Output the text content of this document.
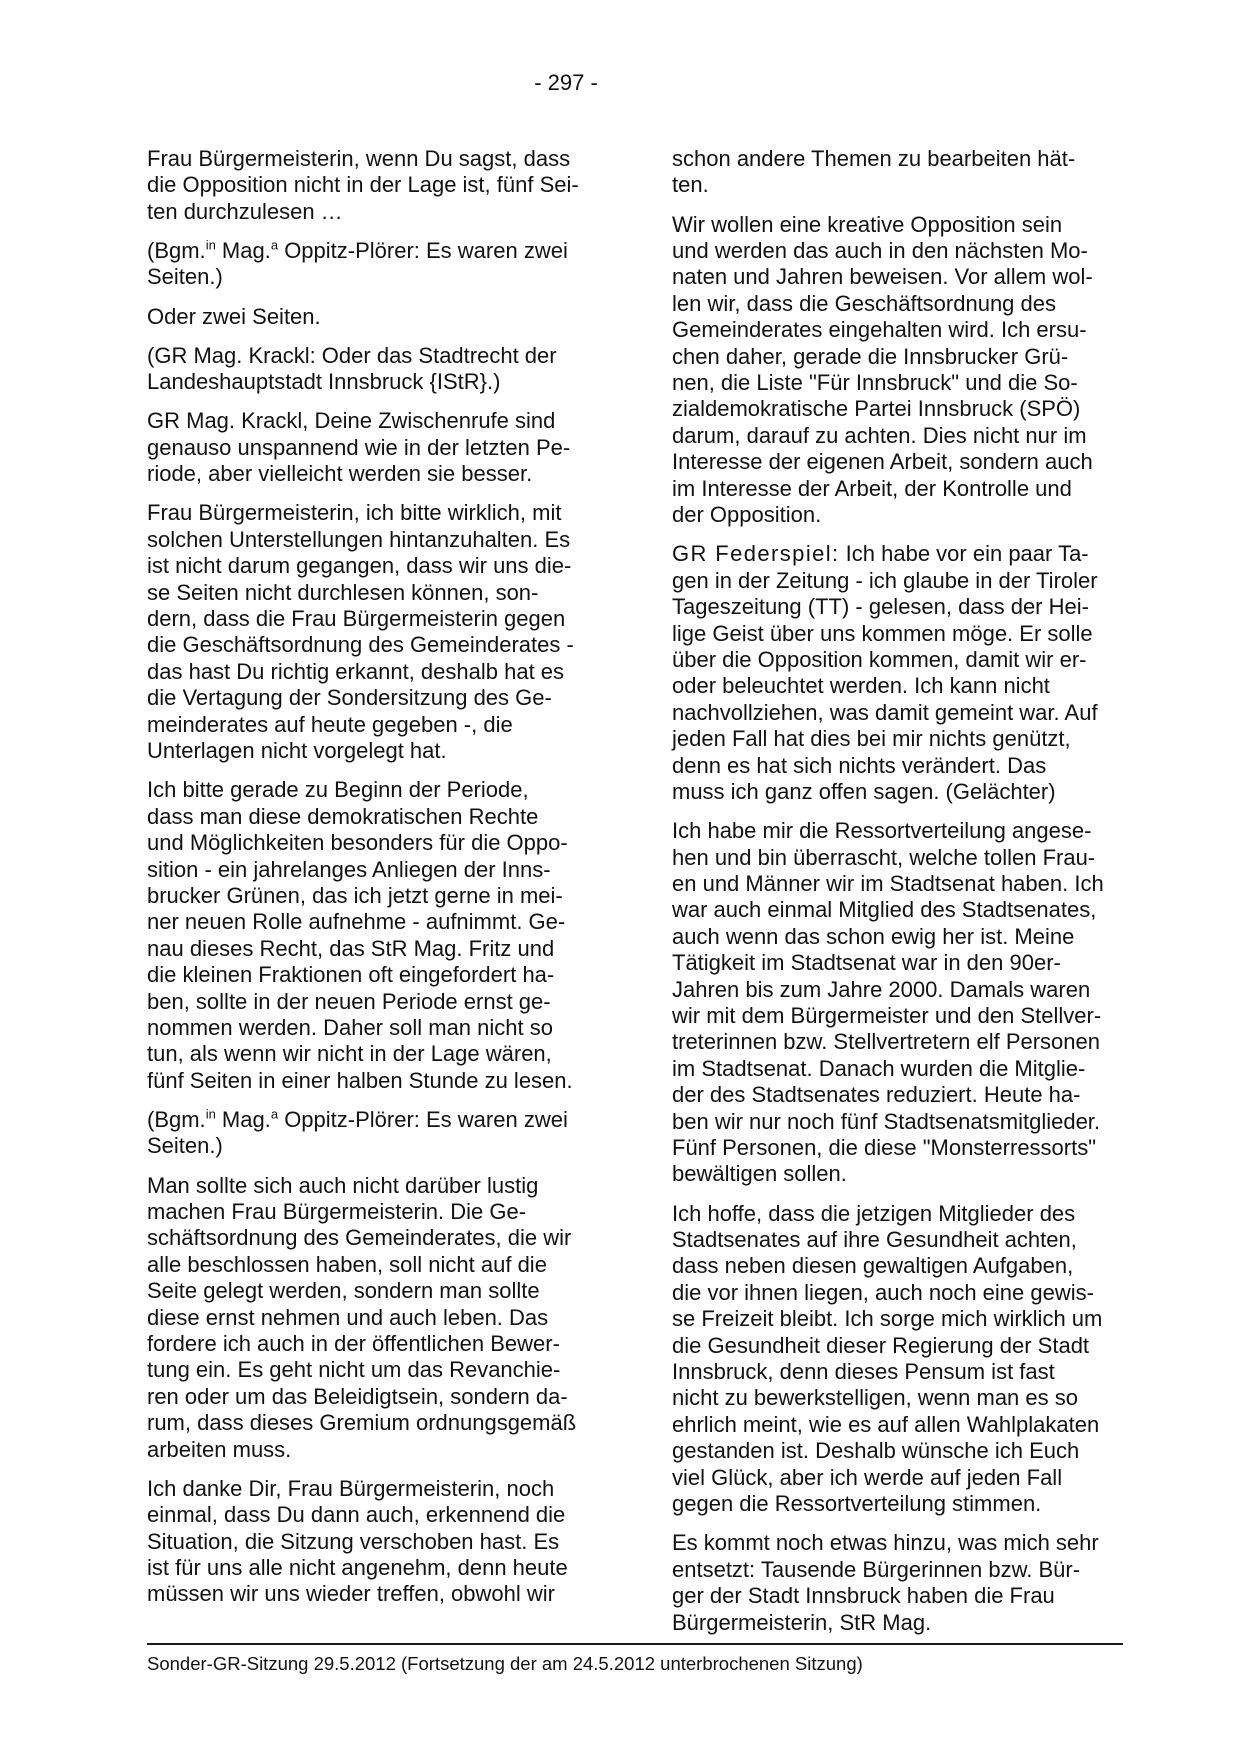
- 297 -
Frau Bürgermeisterin, wenn Du sagst, dass
die Opposition nicht in der Lage ist, fünf Sei-
ten durchzulesen …
(Bgm.$^{in}$ Mag.$^a$ Oppitz-Plörer: Es waren zwei
Seiten.)
Oder zwei Seiten.
(GR Mag. Krackl: Oder das Stadtrecht der
Landeshauptstadt Innsbruck {IStR}.)
GR Mag. Krackl, Deine Zwischenrufe sind
genauso unspannend wie in der letzten Pe-
riode, aber vielleicht werden sie besser.
Frau Bürgermeisterin, ich bitte wirklich, mit
solchen Unterstellungen hintanzuhalten. Es
ist nicht darum gegangen, dass wir uns die-
se Seiten nicht durchlesen können, son-
dern, dass die Frau Bürgermeisterin gegen
die Geschäftsordnung des Gemeinderates -
das hast Du richtig erkannt, deshalb hat es
die Vertagung der Sondersitzung des Ge-
meinderates auf heute gegeben -, die
Unterlagen nicht vorgelegt hat.
Ich bitte gerade zu Beginn der Periode,
dass man diese demokratischen Rechte
und Möglichkeiten besonders für die Oppo-
sition - ein jahrelanges Anliegen der Inns-
brucker Grünen, das ich jetzt gerne in mei-
ner neuen Rolle aufnehme - aufnimmt. Ge-
nau dieses Recht, das StR Mag. Fritz und
die kleinen Fraktionen oft eingefordert ha-
ben, sollte in der neuen Periode ernst ge-
nommen werden. Daher soll man nicht so
tun, als wenn wir nicht in der Lage wären,
fünf Seiten in einer halben Stunde zu lesen.
(Bgm.$^{in}$ Mag.$^a$ Oppitz-Plörer: Es waren zwei
Seiten.)
Man sollte sich auch nicht darüber lustig
machen Frau Bürgermeisterin. Die Ge-
schäftsordnung des Gemeinderates, die wir
alle beschlossen haben, soll nicht auf die
Seite gelegt werden, sondern man sollte
diese ernst nehmen und auch leben. Das
fordere ich auch in der öffentlichen Bewer-
tung ein. Es geht nicht um das Revanchie-
ren oder um das Beleidigtsein, sondern da-
rum, dass dieses Gremium ordnungsgemäß
arbeiten muss.
Ich danke Dir, Frau Bürgermeisterin, noch
einmal, dass Du dann auch, erkennend die
Situation, die Sitzung verschoben hast. Es
ist für uns alle nicht angenehm, denn heute
müssen wir uns wieder treffen, obwohl wir
schon andere Themen zu bearbeiten hät-
ten.
Wir wollen eine kreative Opposition sein
und werden das auch in den nächsten Mo-
naten und Jahren beweisen. Vor allem wol-
len wir, dass die Geschäftsordnung des
Gemeinderates eingehalten wird. Ich ersu-
chen daher, gerade die Innsbrucker Grü-
nen, die Liste "Für Innsbruck" und die So-
zialdemokratische Partei Innsbruck (SPÖ)
darum, darauf zu achten. Dies nicht nur im
Interesse der eigenen Arbeit, sondern auch
im Interesse der Arbeit, der Kontrolle und
der Opposition.
GR Federspiel: Ich habe vor ein paar Ta-
gen in der Zeitung - ich glaube in der Tiroler
Tageszeitung (TT) - gelesen, dass der Hei-
lige Geist über uns kommen möge. Er solle
über die Opposition kommen, damit wir er-
oder beleuchtet werden. Ich kann nicht
nachvollziehen, was damit gemeint war. Auf
jeden Fall hat dies bei mir nichts genützt,
denn es hat sich nichts verändert. Das
muss ich ganz offen sagen. (Gelächter)
Ich habe mir die Ressortverteilung angese-
hen und bin überrascht, welche tollen Frau-
en und Männer wir im Stadtsenat haben. Ich
war auch einmal Mitglied des Stadtsenates,
auch wenn das schon ewig her ist. Meine
Tätigkeit im Stadtsenat war in den 90er-
Jahren bis zum Jahre 2000. Damals waren
wir mit dem Bürgermeister und den Stellver-
treterinnen bzw. Stellvertretern elf Personen
im Stadtsenat. Danach wurden die Mitglie-
der des Stadtsenates reduziert. Heute ha-
ben wir nur noch fünf Stadtsenatsmitglieder.
Fünf Personen, die diese "Monsterressorts"
bewältigen sollen.
Ich hoffe, dass die jetzigen Mitglieder des
Stadtsenates auf ihre Gesundheit achten,
dass neben diesen gewaltigen Aufgaben,
die vor ihnen liegen, auch noch eine gewis-
se Freizeit bleibt. Ich sorge mich wirklich um
die Gesundheit dieser Regierung der Stadt
Innsbruck, denn dieses Pensum ist fast
nicht zu bewerkstelligen, wenn man es so
ehrlich meint, wie es auf allen Wahlplakaten
gestanden ist. Deshalb wünsche ich Euch
viel Glück, aber ich werde auf jeden Fall
gegen die Ressortverteilung stimmen.
Es kommt noch etwas hinzu, was mich sehr
entsetzt: Tausende Bürgerinnen bzw. Bür-
ger der Stadt Innsbruck haben die Frau
Bürgermeisterin, StR Mag.
Sonder-GR-Sitzung 29.5.2012 (Fortsetzung der am 24.5.2012 unterbrochenen Sitzung)
